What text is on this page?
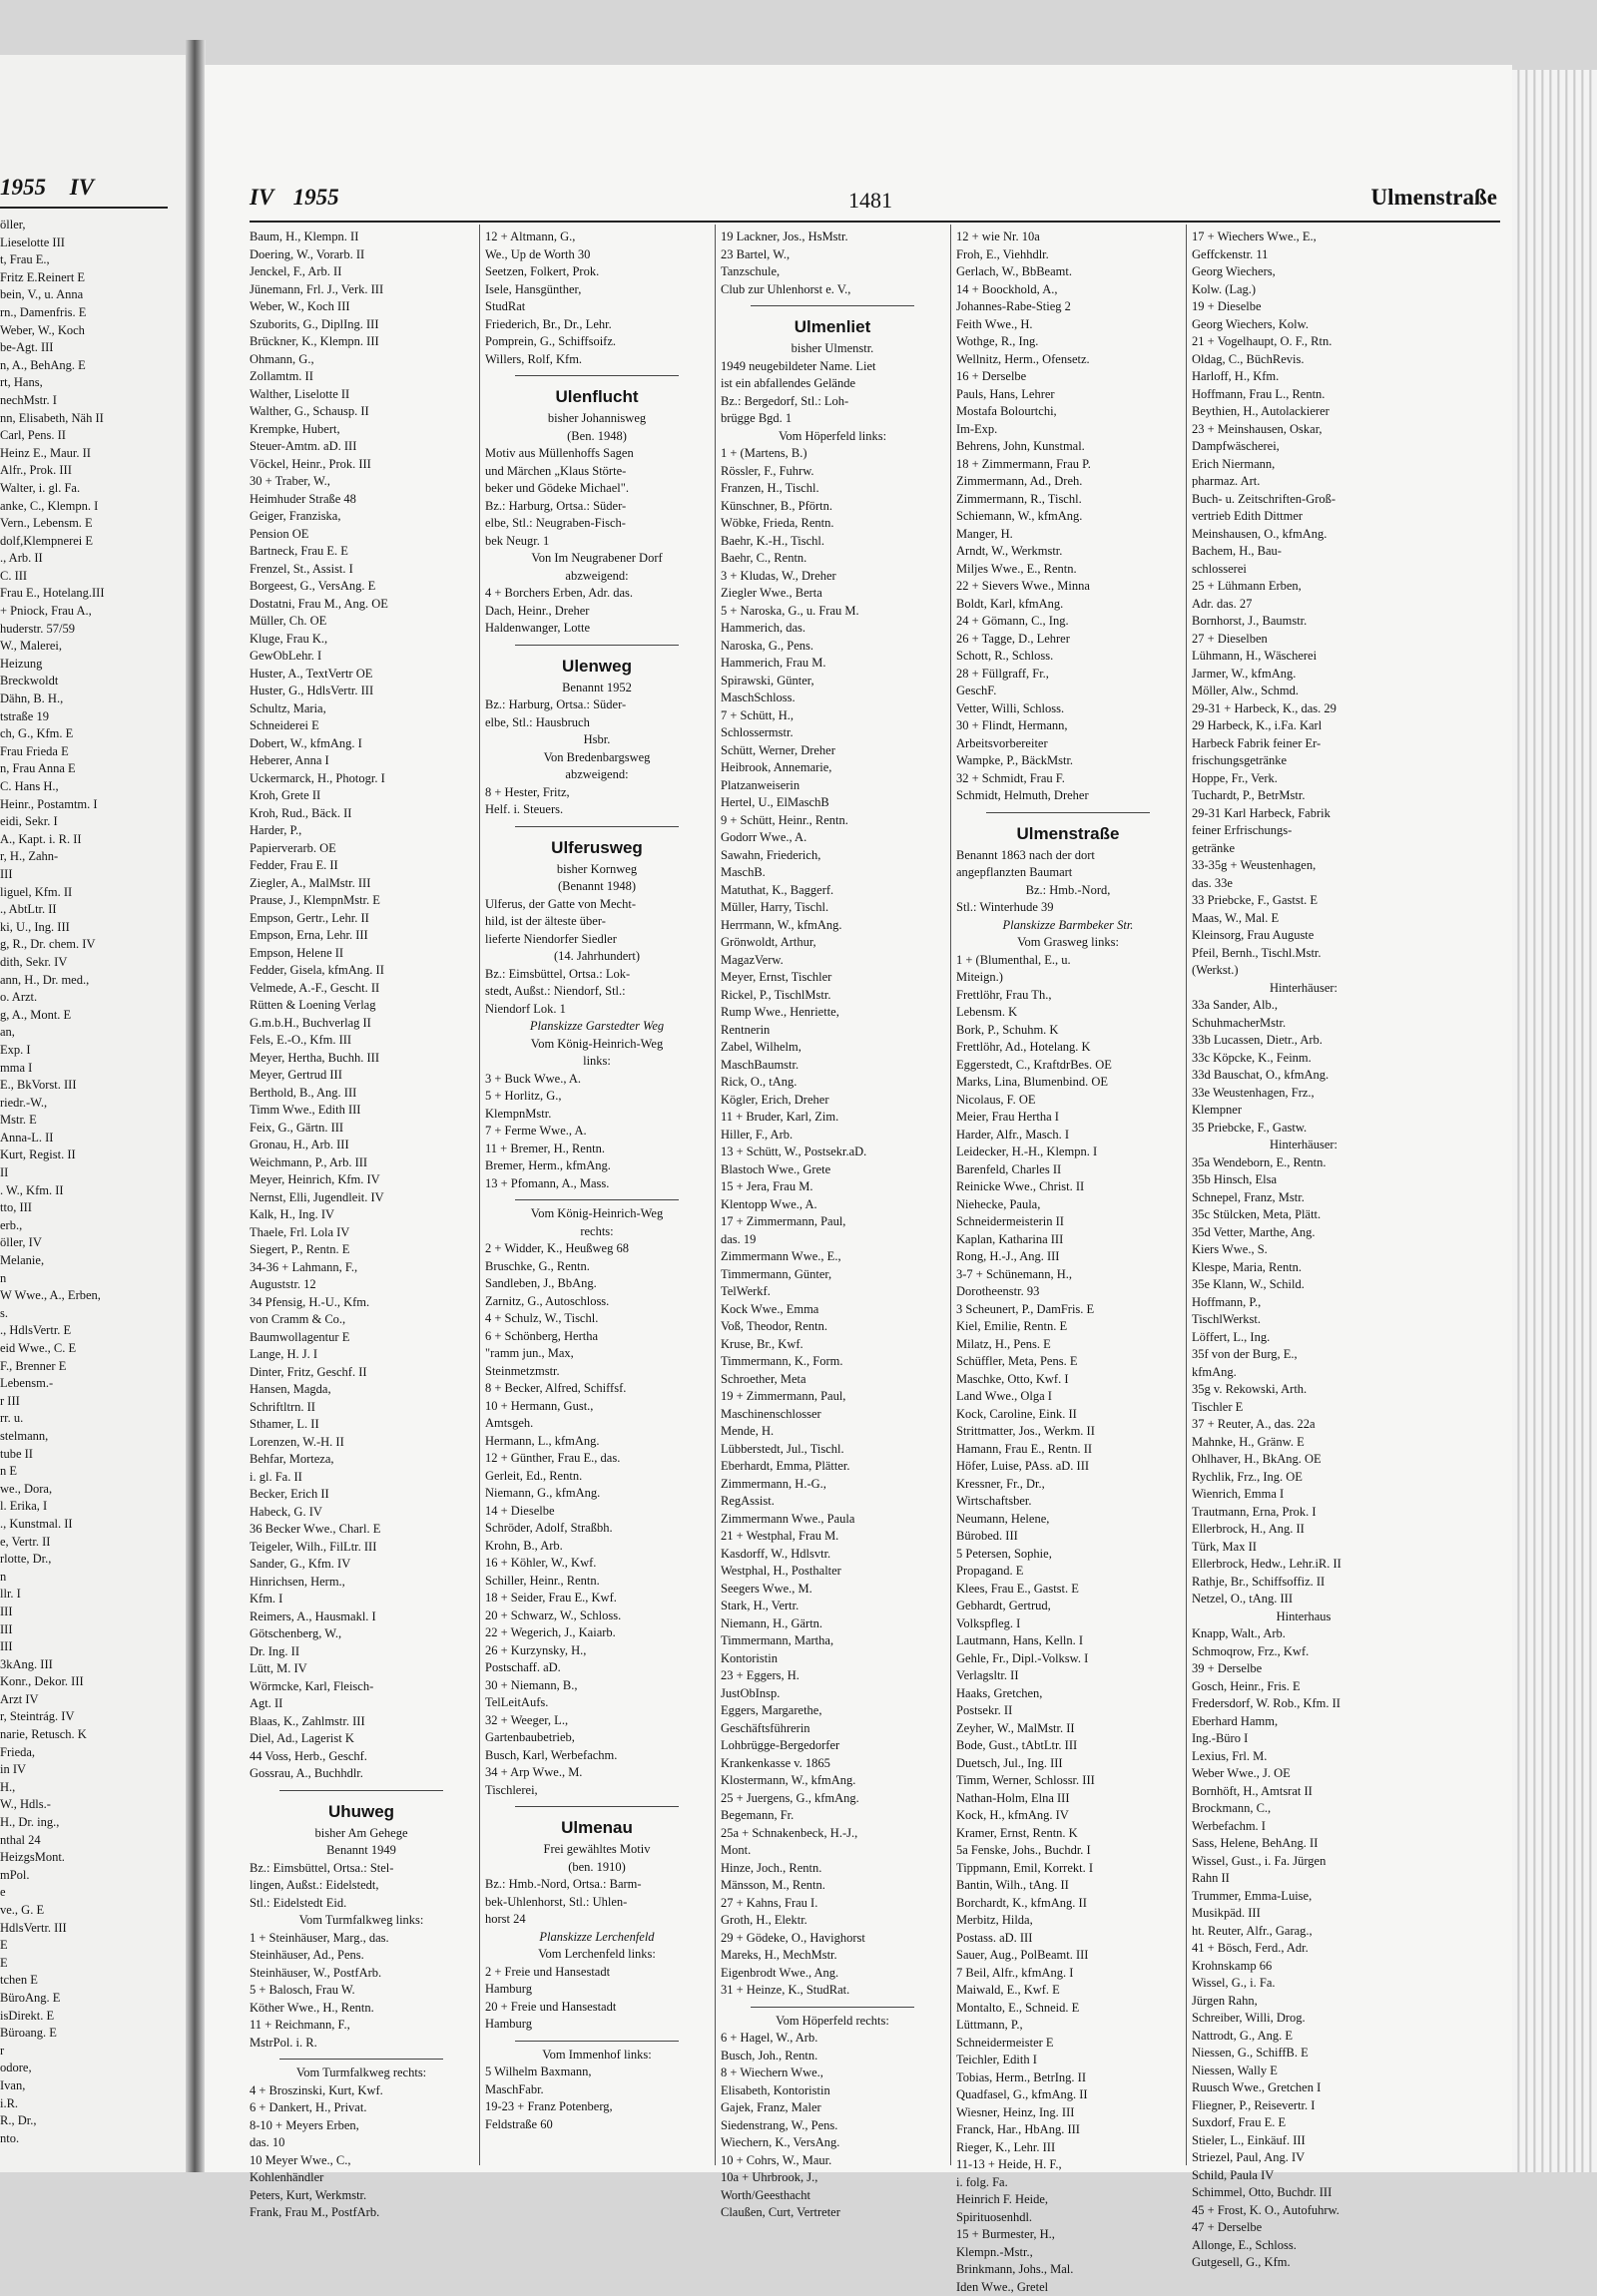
1955 IV
öller,
Lieselotte III
t, Frau E.,
Fritz E.Reinert E
bein, V., u. Anna
rn., Damenfris. E
Weber, W., Koch
be-Agt. III
n, A., BehAng. E
rt, Hans,
nechMstr. I
nn, Elisabeth, Näh II
Carl, Pens. II
Heinz E., Maur. II
Alfr., Prok. III
Walter, i. gl. Fa.
anke, C., Klempn. I
Vern., Lebensm. E
dolf,Klempnerei E
., Arb. II
C. III
Frau E., Hotelang.III
+ Pniock, Frau A.,
huderstr. 57/59
W., Malerei,
Heizung
Breckwoldt
Dähn, B. H.,
tstraße 19
ch, G., Kfm. E
Frau Frieda E
n, Frau Anna E
C. Hans H.,
Heinr., Postamtm. I
eidi, Sekr. I
A., Kapt. i. R. II
r, H., Zahn-
III
liguel, Kfm. II
., AbtLtr. II
ki, U., Ing. III
g, R., Dr. chem. IV
dith, Sekr. IV
ann, H., Dr. med.,
o. Arzt.
g, A., Mont. E
an,
Exp. I
mma I
E., BkVorst. III
riedr.-W.,
Mstr. E
Anna-L. II
Kurt, Regist. II
II
. W., Kfm. II
tto, III
erb.,
öller, IV
Melanie,
n
W Wwe., A., Erben,
s.
., HdlsVertr. E
eid Wwe., C. E
F., Brenner E
Lebensm.-
r III
rr. u.
stelmann,
tube II
n E
we., Dora,
l. Erika, I
., Kunstmal. II
e, Vertr. II
rlotte, Dr.,
n
llr. I
III
III
III
3kAng. III
Konr., Dekor. III
Arzt IV
r, Steintrág. IV
narie, Retusch. K
Frieda,
in IV
H.,
W., Hdls.-
H., Dr. ing.,
nthal 24
HeizgsMont.
mPol.
e
ve., G. E
HdlsVertr. III
E
E
tchen E
BüroAng. E
isDirekt. E
Büroang. E
r
odore,
Ivan,
i.R.
R., Dr.,
nto.
IV 1955	1481	Ulmenstraße
Baum, H., Klempn. II
Doering, W., Vorarb. II
Jenckel, F., Arb. II
Jünemann, Frl. J., Verk. III
Weber, W., Koch III
Szuborits, G., DiplIng. III
Brückner, K., Klempn. III
Ohmann, G.,
Zollamtm. II
Walther, Liselotte II
Walther, G., Schausp. II
Krempke, Hubert,
Steuer-Amtm. aD. III
Vöckel, Heinr., Prok. III
30 + Traber, W.,
Heimhuder Straße 48
Geiger, Franziska,
Pension OE
Bartneck, Frau E. E
Frenzel, St., Assist. I
Borgeest, G., VersAng. E
Dostatni, Frau M., Ang. OE
Müller, Ch. OE
Kluge, Frau K.,
GewObLehr. I
Huster, A., TextVertr OE
Huster, G., HdlsVertr. III
Schultz, Maria,
Schneiderei E
Dobert, W., kfmAng. I
Heberer, Anna I
Uckermarck, H., Photogr. I
Kroh, Grete II
Kroh, Rud., Bäck. II
Harder, P.,
Papierverarb. OE
Fedder, Frau E. II
Ziegler, A., MalMstr. III
Prause, J., KlempnMstr. E
Empson, Gertr., Lehr. II
Empson, Erna, Lehr. III
Empson, Helene II
Fedder, Gisela, kfmAng. II
Velmede, A.-F., Gescht. II
Rütten & Loening Verlag
G.m.b.H., Buchverlag II
Fels, E.-O., Kfm. III
Meyer, Hertha, Buchh. III
Meyer, Gertrud III
Berthold, B., Ang. III
Timm Wwe., Edith III
Feix, G., Gärtn. III
Gronau, H., Arb. III
Weichmann, P., Arb. III
Meyer, Heinrich, Kfm. IV
Nernst, Elli, Jugendleit. IV
Kalk, H., Ing. IV
Thaele, Frl. Lola IV
Siegert, P., Rentn. E
34-36 + Lahmann, F.,
Auguststr. 12
34 Pfensig, H.-U., Kfm.
von Cramm & Co.,
Baumwollagentur E
Lange, H. J. I
Dinter, Fritz, Geschf. II
Hansen, Magda,
Schriftltrn. II
Sthamer, L. II
Lorenzen, W.-H. II
Behfar, Morteza,
i. gl. Fa. II
Becker, Erich II
Habeck, G. IV
36 Becker Wwe., Charl. E
Teigeler, Wilh., FilLtr. III
Sander, G., Kfm. IV
Hinrichsen, Herm.,
Kfm. I
Reimers, A., Hausmakl. I
Götschenberg, W.,
Dr. Ing. II
Lütt, M. IV
Wörmcke, Karl, Fleisch-
Agt. II
Blaas, K., Zahlmstr. III
Diel, Ad., Lagerist K
44 Voss, Herb., Geschf.
Gossrau, A., Buchhdlr.
Uhuweg
bisher Am Gehege
Benannt 1949
Bz.: Eimsbüttel, Ortsa.: Stel-
lingen, Außst.: Eidelstedt,
Stl.: Eidelstedt Eid.
Vom Turmfalkweg links:
1 + Steinhäuser, Marg., das.
Steinhäuser, Ad., Pens.
Steinhäuser, W., PostfArb.
5 + Balosch, Frau W.
Köther Wwe., H., Rentn.
11 + Reichmann, F.,
MstrPol. i. R.
Vom Turmfalkweg rechts:
4 + Broszinski, Kurt, Kwf.
6 + Dankert, H., Privat.
8-10 + Meyers Erben,
das. 10
10 Meyer Wwe., C.,
Kohlenhändler
Peters, Kurt, Werkmstr.
Frank, Frau M., PostfArb.
12 + Altmann, G.,
We., Up de Worth 30
Seetzen, Folkert, Prok.
Isele, Hansgünther,
StudRat
Friederich, Br., Dr., Lehr.
Pomprein, G., Schiffsoifz.
Willers, Rolf, Kfm.
Ulenflucht
bisher Johannisweg
(Ben. 1948)
Motiv aus Müllenhoffs Sagen
und Märchen „Klaus Störte-
beker und Gödeke Michael".
Bz.: Harburg, Ortsa.: Süder-
elbe, Stl.: Neugraben-Fisch-
bek Neugr. 1
Von Im Neugrabener Dorf
abzweigend:
4 + Borchers Erben, Adr. das.
Dach, Heinr., Dreher
Haldenwanger, Lotte
Ulenweg
Benannt 1952
Bz.: Harburg, Ortsa.: Süder-
elbe, Stl.: Hausbruch
Hsbr.
Von Bredenbargsweg
abzweigend:
8 + Hester, Fritz,
Helf. i. Steuers.
Ulferusweg
bisher Kornweg
(Benannt 1948)
Ulferus, der Gatte von Mecht-
hild, ist der älteste über-
lieferte Niendorfer Siedler
(14. Jahrhundert)
Bz.: Eimsbüttel, Ortsa.: Lok-
stedt, Außst.: Niendorf, Stl.:
Niendorf Lok. 1
Planskizze Garstedter Weg
Vom König-Heinrich-Weg
links:
3 + Buck Wwe., A.
5 + Horlitz, G.,
KlempnMstr.
7 + Ferme Wwe., A.
11 + Bremer, H., Rentn.
Bremer, Herm., kfmAng.
13 + Pfomann, A., Mass.
Vom König-Heinrich-Weg
rechts:
2 + Widder, K., Heußweg 68
Bruschke, G., Rentn.
Sandleben, J., BbAng.
Zarnitz, G., Autoschloss.
4 + Schulz, W., Tischl.
6 + Schönberg, Hertha
"ramm jun., Max,
Steinmetzmstr.
8 + Becker, Alfred, Schiffsf.
10 + Hermann, Gust.,
Amtsgeh.
Hermann, L., kfmAng.
12 + Günther, Frau E., das.
Gerleit, Ed., Rentn.
Niemann, G., kfmAng.
14 + Dieselbe
Schröder, Adolf, Straßbh.
Krohn, B., Arb.
16 + Köhler, W., Kwf.
Schiller, Heinr., Rentn.
18 + Seider, Frau E., Kwf.
20 + Schwarz, W., Schloss.
22 + Wegerich, J., Kaiarb.
26 + Kurzynsky, H.,
Postschaff. aD.
30 + Niemann, B.,
TelLeitAufs.
32 + Weeger, L.,
Gartenbaubetrieb,
Busch, Karl, Werbefachm.
34 + Arp Wwe., M.
Tischlerei,
Ulmenau
Frei gewähltes Motiv
(ben. 1910)
Bz.: Hmb.-Nord, Ortsa.: Barm-
bek-Uhlenhorst, Stl.: Uhlen-
horst 24
Planskizze Lerchenfeld
Vom Lerchenfeld links:
2 + Freie und Hansestadt
Hamburg
20 + Freie und Hansestadt
Hamburg
Vom Immenhof links:
5 Wilhelm Baxmann,
MaschFabr.
19-23 + Franz Potenberg,
Feldstraße 60
19 Lackner, Jos., HsMstr.
23 Bartel, W.,
Tanzschule,
Club zur Uhlenhorst e. V.,
Ulmenliet
bisher Ulmenstr.
1949 neugebildeter Name. Liet
ist ein abfallendes Gelände
Bz.: Bergedorf, Stl.: Loh-
brügge Bgd. 1
Vom Höperfeld links:
1 + (Martens, B.)
Rössler, F., Fuhrw.
Franzen, H., Tischl.
Künschner, B., Pförtn.
Wöbke, Frieda, Rentn.
Baehr, K.-H., Tischl.
Baehr, C., Rentn.
3 + Kludas, W., Dreher
Ziegler Wwe., Berta
5 + Naroska, G., u. Frau M.
Hammerich, das.
Naroska, G., Pens.
Hammerich, Frau M.
Spirawski, Günter,
MaschSchloss.
7 + Schütt, H.,
Schlossermstr.
Schütt, Werner, Dreher
Heibrook, Annemarie,
Platzanweiserin
Hertel, U., ElMaschB
9 + Schütt, Heinr., Rentn.
Godorr Wwe., A.
Sawahn, Friederich,
MaschB.
Matuthat, K., Baggerf.
Müller, Harry, Tischl.
Herrmann, W., kfmAng.
Grönwoldt, Arthur,
MagazVerw.
Meyer, Ernst, Tischler
Rickel, P., TischlMstr.
Rump Wwe., Henriette,
Rentnerin
Zabel, Wilhelm,
MaschBaumstr.
Rick, O., tAng.
Kögler, Erich, Dreher
11 + Bruder, Karl, Zim.
Hiller, F., Arb.
13 + Schütt, W., Postsekr.aD.
Blastoch Wwe., Grete
15 + Jera, Frau M.
Klentopp Wwe., A.
17 + Zimmermann, Paul,
das. 19
Zimmermann Wwe., E.,
Timmermann, Günter,
TelWerkf.
Kock Wwe., Emma
Voß, Theodor, Rentn.
Kruse, Br., Kwf.
Timmermann, K., Form.
Schroether, Meta
19 + Zimmermann, Paul,
Maschinenschlosser
Mende, H.
Lübberstedt, Jul., Tischl.
Eberhardt, Emma, Plätter.
Zimmermann, H.-G.,
RegAssist.
Zimmermann Wwe., Paula
21 + Westphal, Frau M.
Kasdorff, W., Hdlsvtr.
Westphal, H., Posthalter
Seegers Wwe., M.
Stark, H., Vertr.
Niemann, H., Gärtn.
Timmermann, Martha,
Kontoristin
23 + Eggers, H.
JustObInsp.
Eggers, Margarethe,
Geschäftsführerin
Lohbrügge-Bergedorfer
Krankenkasse v. 1865
Klostermann, W., kfmAng.
25 + Juergens, G., kfmAng.
Begemann, Fr.
25a + Schnakenbeck, H.-J.,
Mont.
Hinze, Joch., Rentn.
Mänsson, M., Rentn.
27 + Kahns, Frau I.
Groth, H., Elektr.
29 + Gödeke, O., Havighorst
Mareks, H., MechMstr.
Eigenbrodt Wwe., Ang.
31 + Heinze, K., StudRat.
Vom Höperfeld rechts:
6 + Hagel, W., Arb.
Busch, Joh., Rentn.
8 + Wiechern Wwe.,
Elisabeth, Kontoristin
Gajek, Franz, Maler
Siedenstrang, W., Pens.
Wiechern, K., VersAng.
10 + Cohrs, W., Maur.
10a + Uhrbrook, J.,
Worth/Geesthacht
Claußen, Curt, Vertreter
12 + wie Nr. 10a
Froh, E., Viehhdlr.
Gerlach, W., BbBeamt.
14 + Boockhold, A.,
Johannes-Rabe-Stieg 2
Feith Wwe., H.
Wothge, R., Ing.
Wellnitz, Herm., Ofensetz.
16 + Derselbe
Pauls, Hans, Lehrer
Mostafa Bolourtchi,
Im-Exp.
Behrens, John, Kunstmal.
18 + Zimmermann, Frau P.
Zimmermann, Ad., Dreh.
Zimmermann, R., Tischl.
Schiemann, W., kfmAng.
Manger, H.
Arndt, W., Werkmstr.
Miljes Wwe., E., Rentn.
22 + Sievers Wwe., Minna
Boldt, Karl, kfmAng.
24 + Gömann, C., Ing.
26 + Tagge, D., Lehrer
Schott, R., Schloss.
28 + Füllgraff, Fr.,
GeschF.
Vetter, Willi, Schloss.
30 + Flindt, Hermann,
Arbeitsvorbereiter
Wampke, P., BäckMstr.
32 + Schmidt, Frau F.
Schmidt, Helmuth, Dreher
Ulmenstraße
Benannt 1863 nach der dort
angepflanzten Baumart
Bz.: Hmb.-Nord,
Stl.: Winterhude 39
Planskizze Barmbeker Str.
Vom Grasweg links:
1 + (Blumenthal, E., u.
Miteign.)
Frettlöhr, Frau Th.,
Lebensm. K
Bork, P., Schuhm. K
Frettlöhr, Ad., Hotelang. K
Eggerstedt, C., KraftdrBes. OE
Marks, Lina, Blumenbind. OE
Nicolaus, F. OE
Meier, Frau Hertha I
Harder, Alfr., Masch. I
Leidecker, H.-H., Klempn. I
Barenfeld, Charles II
Reinicke Wwe., Christ. II
Niehecke, Paula,
Schneidermeisterin II
Kaplan, Katharina III
Rong, H.-J., Ang. III
3-7 + Schünemann, H.,
Dorotheenstr. 93
3 Scheunert, P., DamFris. E
Kiel, Emilie, Rentn. E
Milatz, H., Pens. E
Schüffler, Meta, Pens. E
Maschke, Otto, Kwf. I
Land Wwe., Olga I
Kock, Caroline, Eink. II
Strittmatter, Jos., Werkm. II
Hamann, Frau E., Rentn. II
Höfer, Luise, PAss. aD. III
Kressner, Fr., Dr.,
Wirtschaftsber.
Neumann, Helene,
Bürobed. III
5 Petersen, Sophie,
Propagand. E
Klees, Frau E., Gastst. E
Gebhardt, Gertrud,
Volkspfleg. I
Lautmann, Hans, Kelln. I
Gehle, Fr., Dipl.-Volksw. I
Verlagsltr. II
Haaks, Gretchen,
Postsekr. II
Zeyher, W., MalMstr. II
Bode, Gust., tAbtLtr. III
Duetsch, Jul., Ing. III
Timm, Werner, Schlossr. III
Nathan-Holm, Elna III
Kock, H., kfmAng. IV
Kramer, Ernst, Rentn. K
5a Fenske, Johs., Buchdr. I
Tippmann, Emil, Korrekt. I
Bantin, Wilh., tAng. II
Borchardt, K., kfmAng. II
Merbitz, Hilda,
Postass. aD. III
Sauer, Aug., PolBeamt. III
7 Beil, Alfr., kfmAng. I
Maiwald, E., Kwf. E
Montalto, E., Schneid. E
Lüttmann, P.,
Schneidermeister E
Teichler, Edith I
Tobias, Herm., BetrIng. II
Quadfasel, G., kfmAng. II
Wiesner, Heinz, Ing. III
Franck, Har., HbAng. III
Rieger, K., Lehr. III
11-13 + Heide, H. F.,
i. folg. Fa.
Heinrich F. Heide,
Spirituosenhdl.
15 + Burmester, H.,
Klempn.-Mstr.,
Brinkmann, Johs., Mal.
Iden Wwe., Gretel
17 + Wiechers Wwe., E.,
Geffckenstr. 11
Georg Wiechers,
Kolw. (Lag.)
19 + Dieselbe
Georg Wiechers, Kolw.
21 + Vogelhaupt, O. F., Rtn.
Oldag, C., BüchRevis.
Harloff, H., Kfm.
Hoffmann, Frau L., Rentn.
Beythien, H., Autolackierer
23 + Meinshausen, Oskar,
Dampfwäscherei,
Erich Niermann,
pharmaz. Art.
Buch- u. Zeitschriften-Groß-
vertrieb Edith Dittmer
Meinshausen, O., kfmAng.
Bachem, H., Bau-
schlosserei
25 + Lühmann Erben,
Adr. das. 27
Bornhorst, J., Baumstr.
27 + Dieselben
Lühmann, H., Wäscherei
Jarmer, W., kfmAng.
Möller, Alw., Schmd.
29-31 + Harbeck, K., das. 29
29 Harbeck, K., i.Fa. Karl
Harbeck Fabrik feiner Er-
frischungsgetränke
Hoppe, Fr., Verk.
Tuchardt, P., BetrMstr.
29-31 Karl Harbeck, Fabrik
feiner Erfrischungs-
getränke
33-35g + Weustenhagen,
das. 33e
33 Priebcke, F., Gastst. E
Maas, W., Mal. E
Kleinsorg, Frau Auguste
Pfeil, Bernh., Tischl.Mstr.
(Werkst.)
Hinterhäuser:
33a Sander, Alb.,
SchuhmacherMstr.
33b Lucassen, Dietr., Arb.
33c Köpcke, K., Feinm.
33d Bauschat, O., kfmAng.
33e Weustenhagen, Frz.,
Klempner
35 Priebcke, F., Gastw.
Hinterhäuser:
35a Wendeborn, E., Rentn.
35b Hinsch, Elsa
Schnepel, Franz, Mstr.
35c Stülcken, Meta, Plätt.
35d Vetter, Marthe, Ang.
Kiers Wwe., S.
Klespe, Maria, Rentn.
35e Klann, W., Schild.
Hoffmann, P.,
TischlWerkst.
Löffert, L., Ing.
35f von der Burg, E.,
kfmAng.
35g v. Rekowski, Arth.
Tischler E
37 + Reuter, A., das. 22a
Mahnke, H., Gränw. E
Ohlhaver, H., BkAng. OE
Rychlik, Frz., Ing. OE
Wienrich, Emma I
Trautmann, Erna, Prok. I
Ellerbrock, H., Ang. II
Türk, Max II
Ellerbrock, Hedw., Lehr.iR. II
Rathje, Br., Schiffsoffiz. II
Netzel, O., tAng. III
Hinterhaus
Knapp, Walt., Arb.
Schmoqrow, Frz., Kwf.
39 + Derselbe
Gosch, Heinr., Fris. E
Fredersdorf, W. Rob., Kfm. II
Eberhard Hamm,
Ing.-Büro I
Lexius, Frl. M.
Weber Wwe., J. OE
Bornhöft, H., Amtsrat II
Brockmann, C.,
Werbefachm. I
Sass, Helene, BehAng. II
Wissel, Gust., i. Fa. Jürgen
Rahn II
Trummer, Emma-Luise,
Musikpäd. III
ht. Reuter, Alfr., Garag.,
41 + Bösch, Ferd., Adr.
Krohnskamp 66
Wissel, G., i. Fa.
Jürgen Rahn,
Schreiber, Willi, Drog.
Nattrodt, G., Ang. E
Niessen, G., SchiffB. E
Niessen, Wally E
Ruusch Wwe., Gretchen I
Fliegner, P., Reisevertr. I
Suxdorf, Frau E. E
Stieler, L., Einkäuf. III
Striezel, Paul, Ang. IV
Schild, Paula IV
Schimmel, Otto, Buchdr. III
45 + Frost, K. O., Autofuhrw.
47 + Derselbe
Allonge, E., Schloss.
Gutgesell, G., Kfm.
